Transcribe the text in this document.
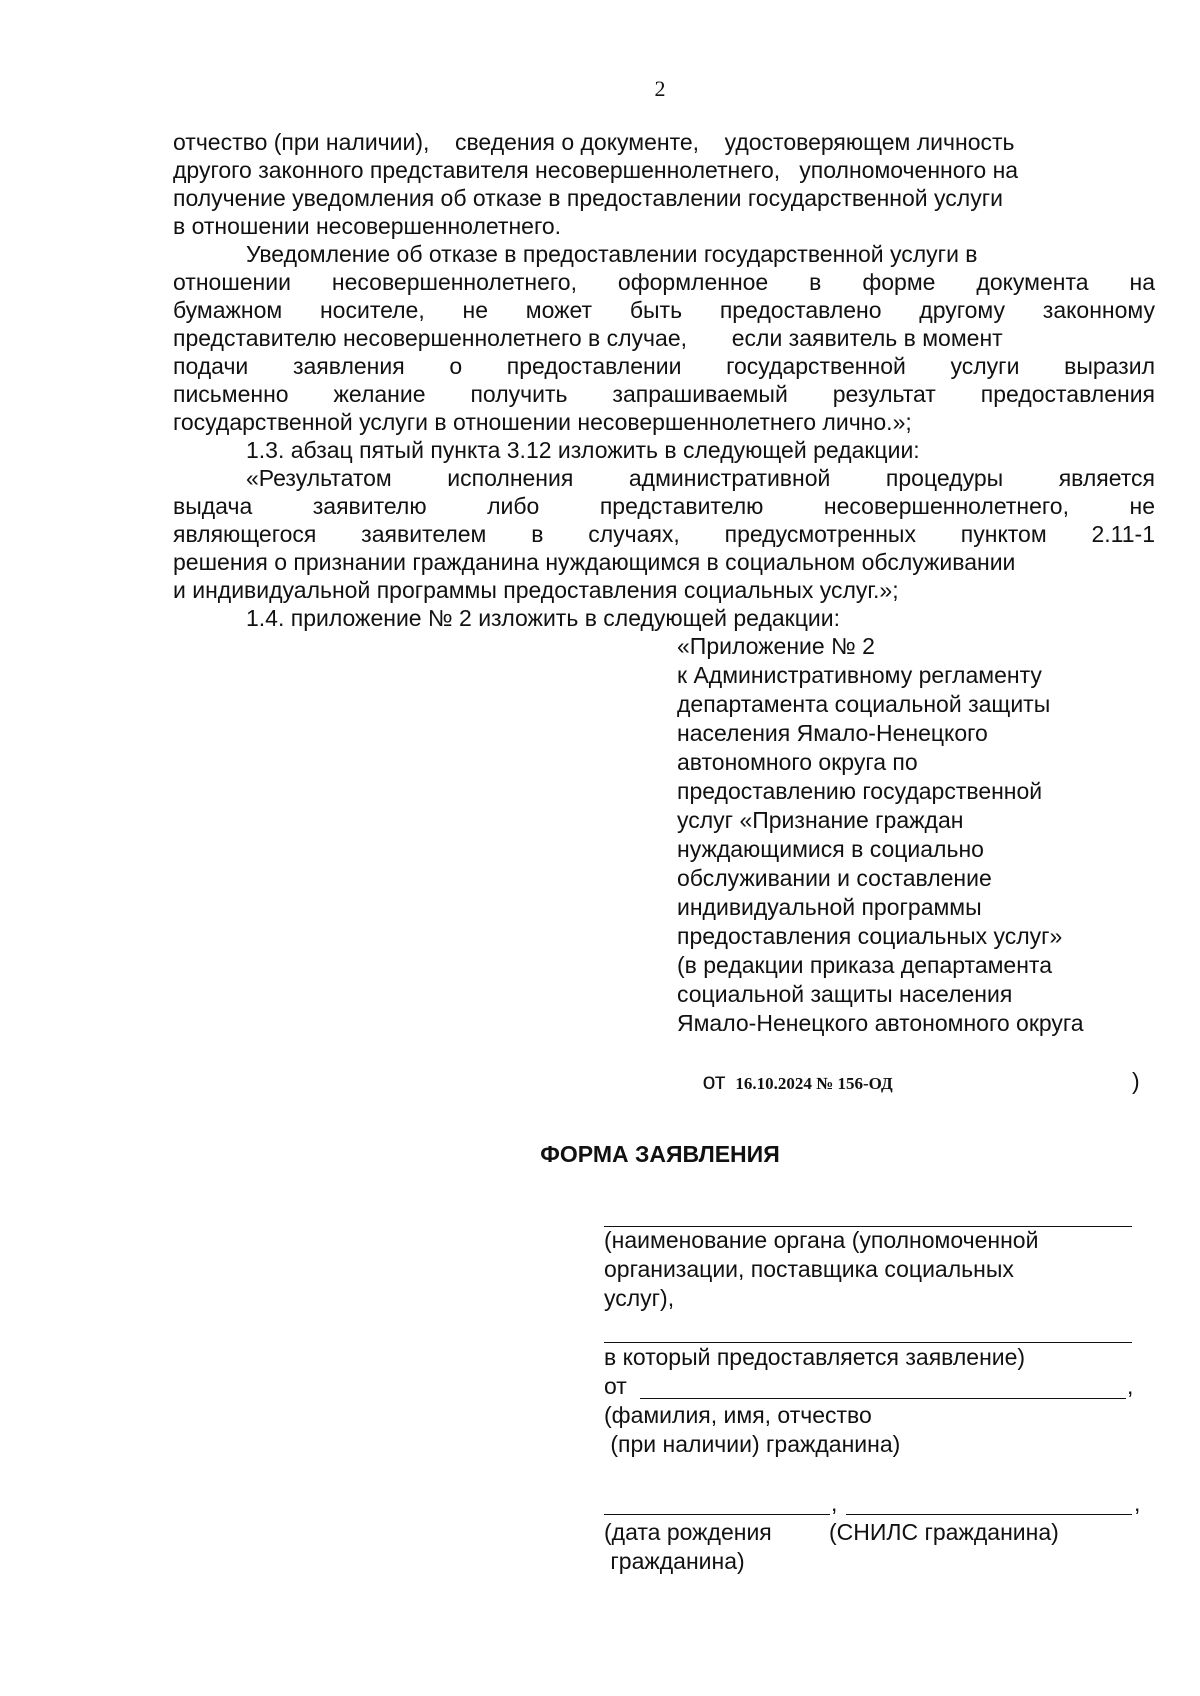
2
отчество (при наличии),    сведения о документе,    удостоверяющем личность
другого законного представителя несовершеннолетнего,   уполномоченного на
получение уведомления об отказе в предоставлении государственной услуги
в отношении несовершеннолетнего.
Уведомление об отказе в предоставлении государственной услуги в
отношении несовершеннолетнего, оформленное в форме документа на
бумажном носителе, не может быть предоставлено другому законному
представителю несовершеннолетнего в случае,       если заявитель в момент
подачи заявления о предоставлении государственной услуги выразил
письменно желание получить запрашиваемый результат предоставления
государственной услуги в отношении несовершеннолетнего лично.»;
1.3. абзац пятый пункта 3.12 изложить в следующей редакции:
«Результатом исполнения административной процедуры является
выдача заявителю либо представителю несовершеннолетнего, не
являющегося заявителем в случаях, предусмотренных пунктом 2.11-1
решения о признании гражданина нуждающимся в социальном обслуживании
и индивидуальной программы предоставления социальных услуг.»;
1.4. приложение № 2 изложить в следующей редакции:
«Приложение № 2
к Административному регламенту
департамента социальной защиты
населения Ямало-Ненецкого
автономного округа по
предоставлению государственной
услуг «Признание граждан
нуждающимися в социально
обслуживании и составление
индивидуальной программы
предоставления социальных услуг»
(в редакции приказа департамента
социальной защиты населения
Ямало-Ненецкого автономного округа

от 16.10.2024 № 156-ОД	)

ФОРМА ЗАЯВЛЕНИЯ
(наименование органа (уполномоченной
организации, поставщика социальных
услуг),
в который предоставляется заявление)
от	,
(фамилия, имя, отчество
(при наличии) гражданина)
,	,
(дата рождения	(СНИЛС гражданина)
гражданина)
